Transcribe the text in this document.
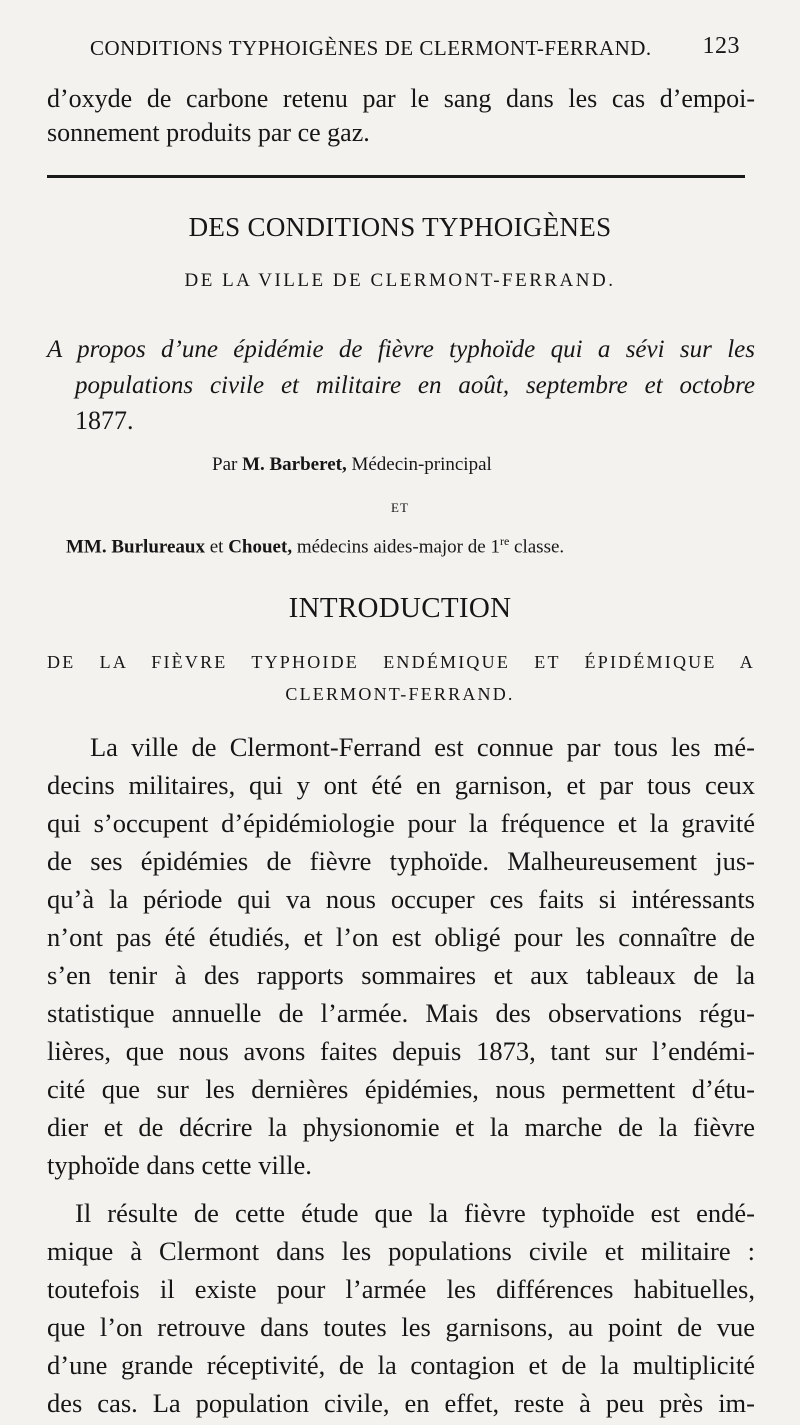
CONDITIONS TYPHOIGÈNES DE CLERMONT-FERRAND. 123
d’oxyde de carbone retenu par le sang dans les cas d’empoi-
sonnement produits par ce gaz.
DES CONDITIONS TYPHOIGÈNES
DE LA VILLE DE CLERMONT-FERRAND.
A propos d’une épidémie de fièvre typhoïde qui a sévi sur les
populations civile et militaire en août, septembre et octobre
1877.
Par M. Barberet, Médecin-principal
ET
MM. Burlureaux et Chouet, médecins aides-major de 1re classe.
INTRODUCTION
DE LA FIÈVRE TYPHOIDE ENDÉMIQUE ET ÉPIDÉMIQUE A
CLERMONT-FERRAND.
La ville de Clermont-Ferrand est connue par tous les mé-
decins militaires, qui y ont été en garnison, et par tous ceux
qui s’occupent d’épidémiologie pour la fréquence et la gravité
de ses épidémies de fièvre typhoïde. Malheureusement jus-
qu’à la période qui va nous occuper ces faits si intéressants
n’ont pas été étudiés, et l’on est obligé pour les connaître de
s’en tenir à des rapports sommaires et aux tableaux de la
statistique annuelle de l’armée. Mais des observations régu-
lières, que nous avons faites depuis 1873, tant sur l’endémi-
cité que sur les dernières épidémies, nous permettent d’étu-
dier et de décrire la physionomie et la marche de la fièvre
typhoïde dans cette ville.
Il résulte de cette étude que la fièvre typhoïde est endé-
mique à Clermont dans les populations civile et militaire :
toutefois il existe pour l’armée les différences habituelles,
que l’on retrouve dans toutes les garnisons, au point de vue
d’une grande réceptivité, de la contagion et de la multiplicité
des cas. La population civile, en effet, reste à peu près im-
